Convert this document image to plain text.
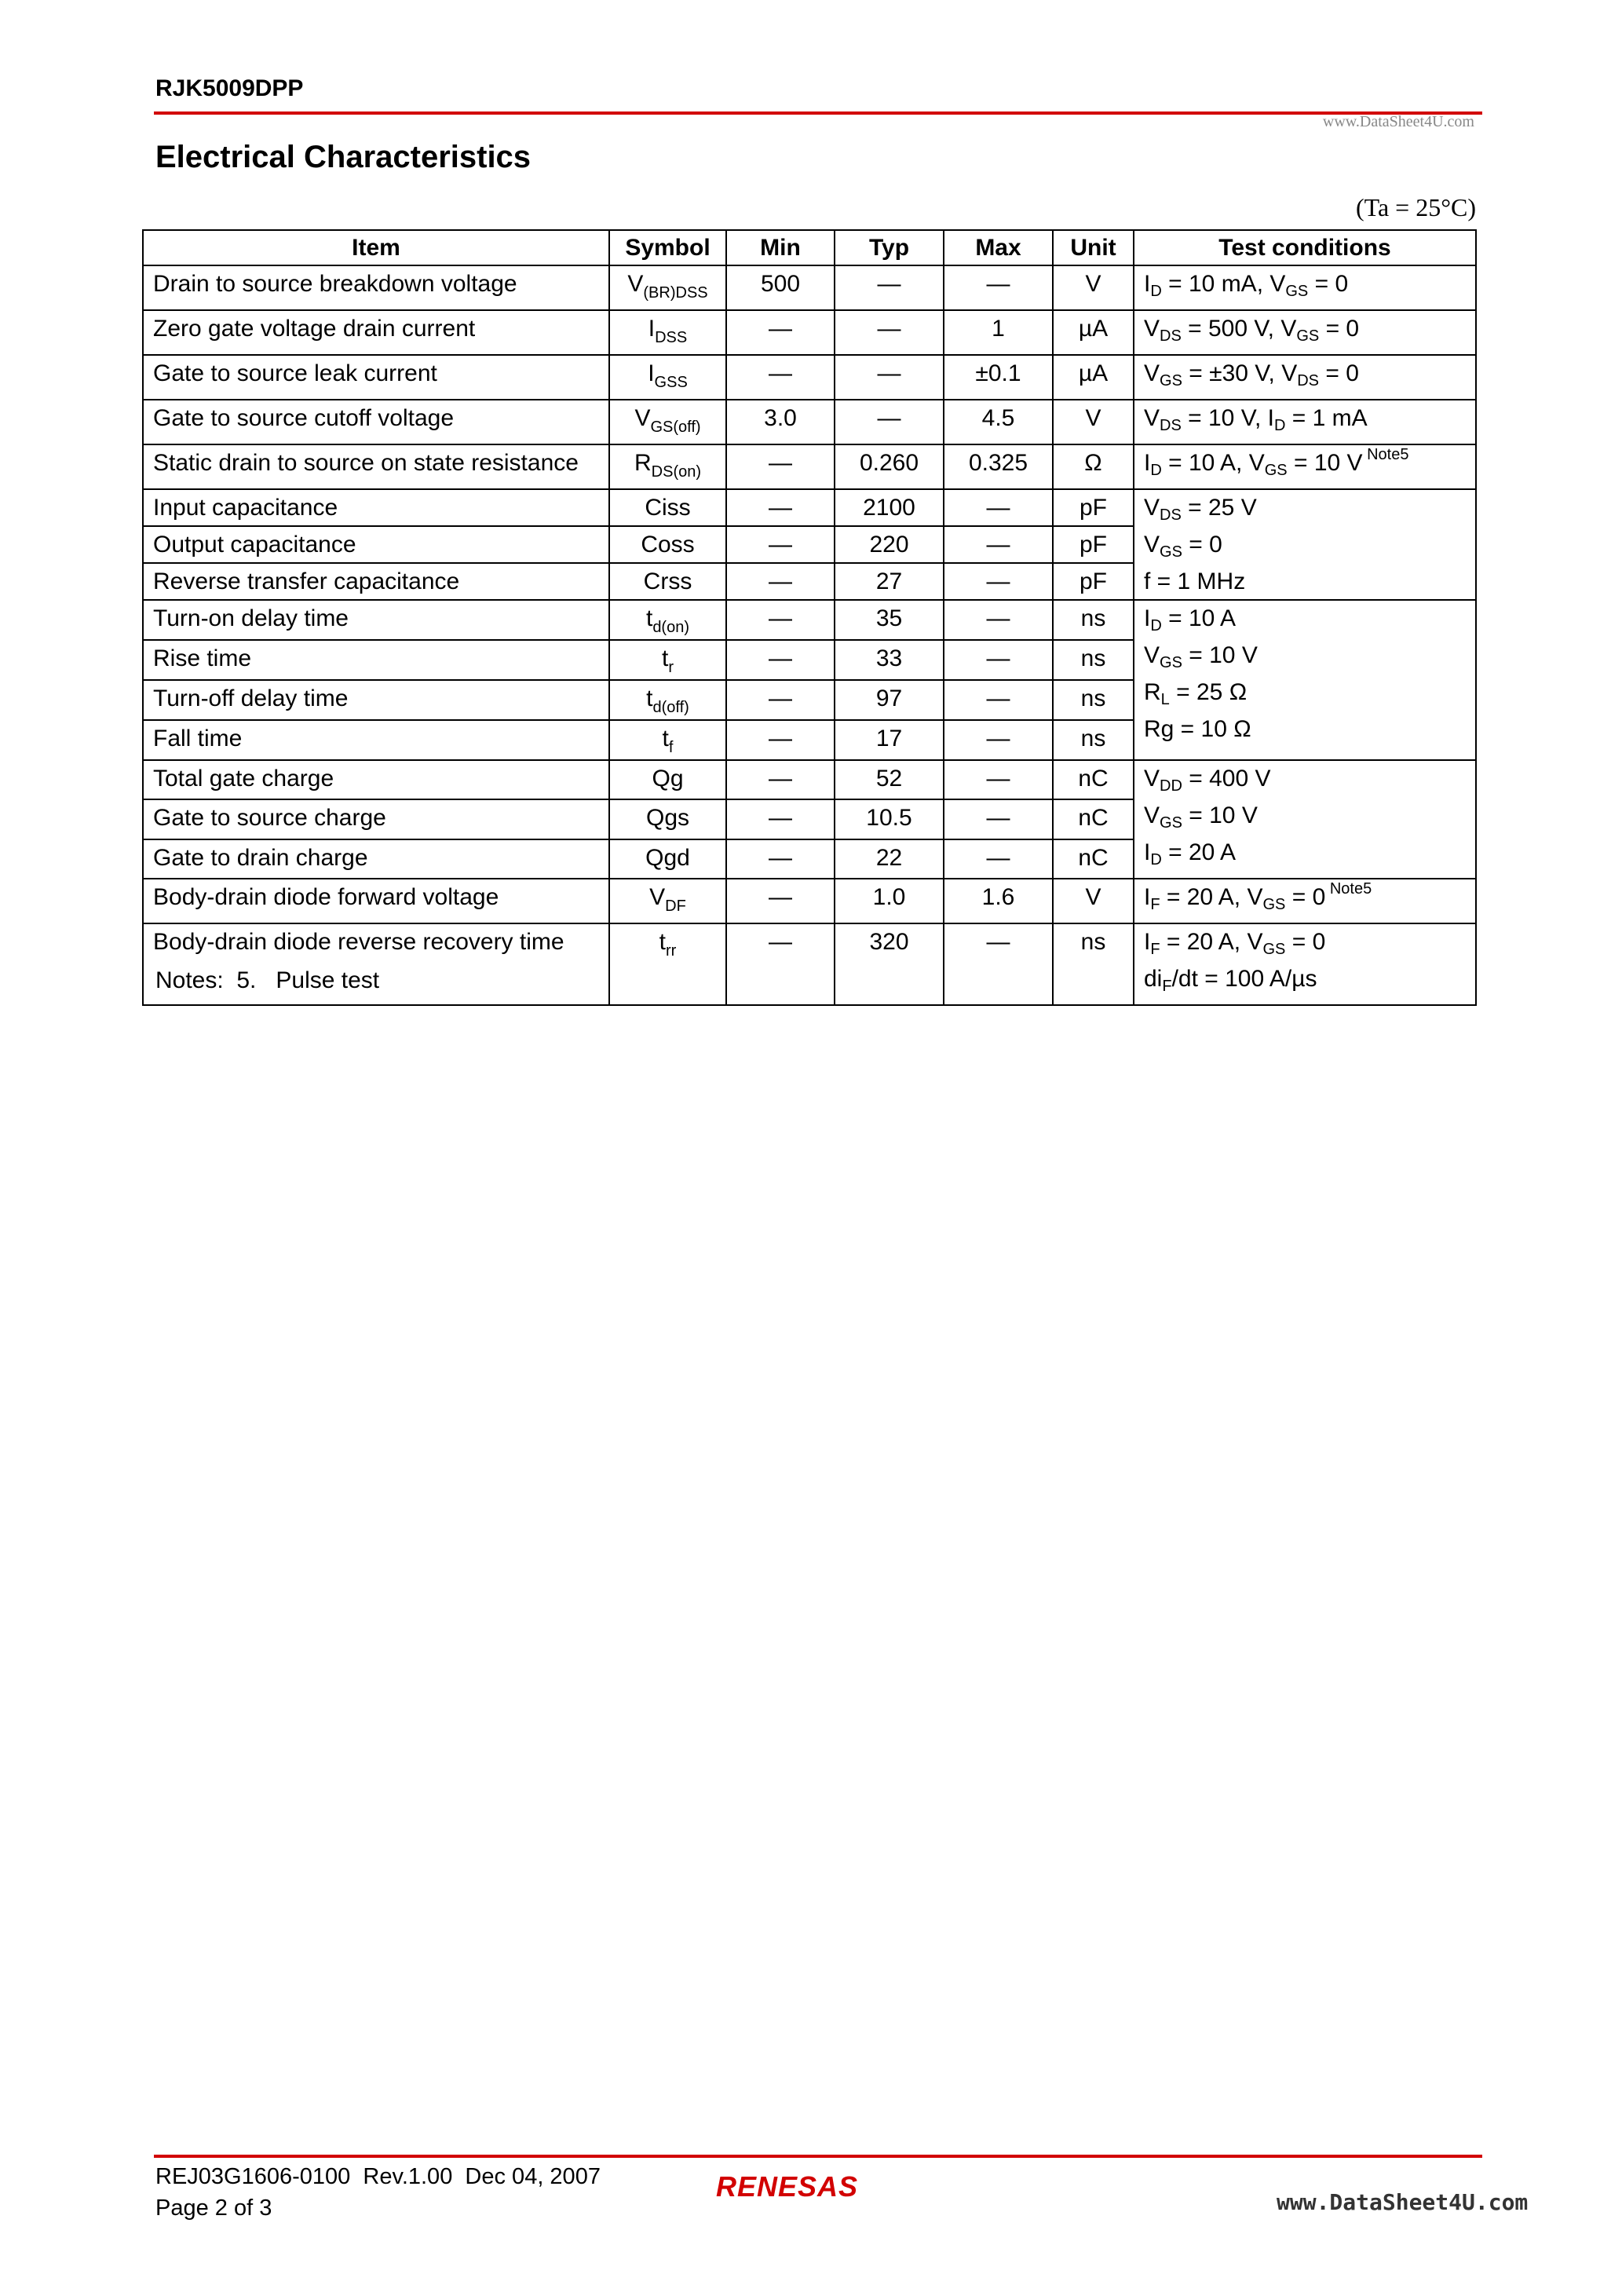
RJK5009DPP
www.DataSheet4U.com
Electrical Characteristics
(Ta = 25°C)
Item	Symbol	Min	Typ	Max	Unit	Test conditions
Drain to source breakdown voltage	$V_{(BR)DSS}$	500	—	—	V	$I_D = 10$ mA, $V_{GS} = 0$
Zero gate voltage drain current	$I_{DSS}$	—	—	1	µA	$V_{DS} = 500$ V, $V_{GS} = 0$
Gate to source leak current	$I_{GSS}$	—	—	±0.1	µA	$V_{GS} = \pm 30$ V, $V_{DS} = 0$
Gate to source cutoff voltage	$V_{GS(off)}$	3.0	—	4.5	V	$V_{DS} = 10$ V, $I_D = 1$ mA
Static drain to source on state resistance	$R_{DS(on)}$	—	0.260	0.325	Ω	$I_D = 10$ A, $V_{GS} = 10$ V $^{Note5}$
Input capacitance	Ciss	—	2100	—	pF	$V_{DS} = 25$ V
$V_{GS} = 0$
f = 1 MHz
Output capacitance	Coss	—	220	—	pF	
Reverse transfer capacitance	Crss	—	27	—	pF	
Turn-on delay time	$t_{d(on)}$	—	35	—	ns	$I_D = 10$ A
$V_{GS} = 10$ V
$R_L = 25$ Ω
Rg = 10 Ω
Rise time	$t_r$	—	33	—	ns	
Turn-off delay time	$t_{d(off)}$	—	97	—	ns	
Fall time	$t_f$	—	17	—	ns	
Total gate charge	Qg	—	52	—	nC	$V_{DD} = 400$ V
$V_{GS} = 10$ V
$I_D = 20$ A
Gate to source charge	Qgs	—	10.5	—	nC	
Gate to drain charge	Qgd	—	22	—	nC	
Body-drain diode forward voltage	$V_{DF}$	—	1.0	1.6	V	$I_F = 20$ A, $V_{GS} = 0$ $^{Note5}$
Body-drain diode reverse recovery time	$t_{rr}$	—	320	—	ns	$I_F = 20$ A, $V_{GS} = 0$
$di_F/dt = 100$ A/µs
Notes:  5.   Pulse test
REJ03G1606-0100  Rev.1.00  Dec 04, 2007
Page 2 of 3
RENESAS	www.DataSheet4U.com
